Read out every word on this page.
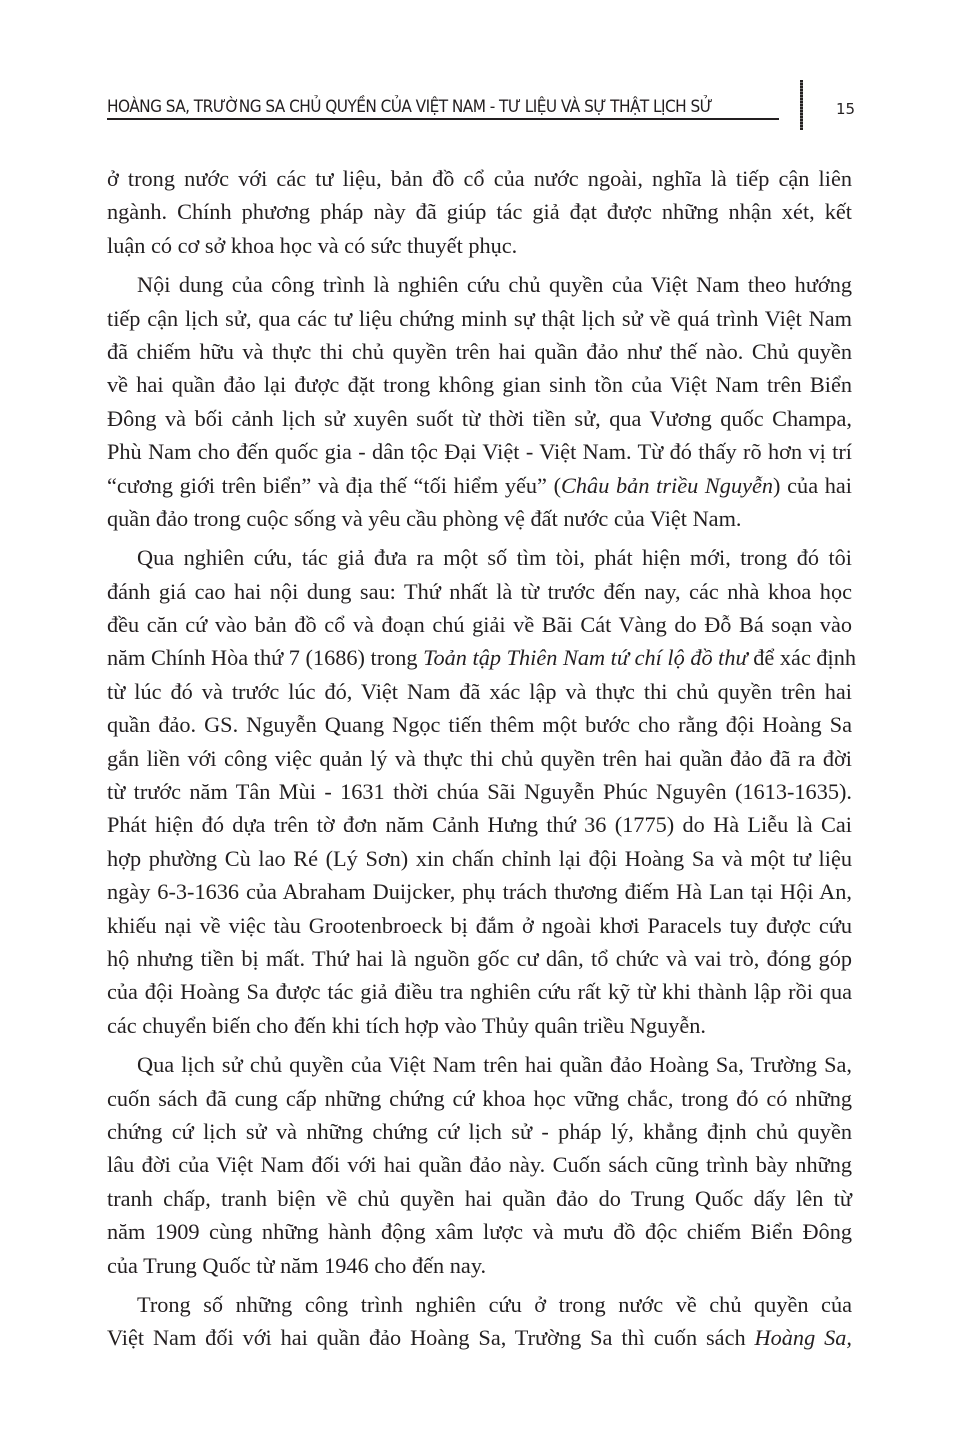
HOÀNG SA, TRƯỜNG SA CHỦ QUYỀN CỦA VIỆT NAM - TƯ LIỆU VÀ SỰ THẬT LỊCH SỬ	15
ở trong nước với các tư liệu, bản đồ cổ của nước ngoài, nghĩa là tiếp cận liên
ngành. Chính phương pháp này đã giúp tác giả đạt được những nhận xét, kết
luận có cơ sở khoa học và có sức thuyết phục.
Nội dung của công trình là nghiên cứu chủ quyền của Việt Nam theo hướng
tiếp cận lịch sử, qua các tư liệu chứng minh sự thật lịch sử về quá trình Việt Nam
đã chiếm hữu và thực thi chủ quyền trên hai quần đảo như thế nào. Chủ quyền
về hai quần đảo lại được đặt trong không gian sinh tồn của Việt Nam trên Biển
Đông và bối cảnh lịch sử xuyên suốt từ thời tiền sử, qua Vương quốc Champa,
Phù Nam cho đến quốc gia - dân tộc Đại Việt - Việt Nam. Từ đó thấy rõ hơn vị trí
“cương giới trên biển” và địa thế “tối hiểm yếu” (Châu bản triều Nguyễn) của hai
quần đảo trong cuộc sống và yêu cầu phòng vệ đất nước của Việt Nam.
Qua nghiên cứu, tác giả đưa ra một số tìm tòi, phát hiện mới, trong đó tôi
đánh giá cao hai nội dung sau: Thứ nhất là từ trước đến nay, các nhà khoa học
đều căn cứ vào bản đồ cổ và đoạn chú giải về Bãi Cát Vàng do Đỗ Bá soạn vào
năm Chính Hòa thứ 7 (1686) trong Toản tập Thiên Nam tứ chí lộ đồ thư để xác định
từ lúc đó và trước lúc đó, Việt Nam đã xác lập và thực thi chủ quyền trên hai
quần đảo. GS. Nguyễn Quang Ngọc tiến thêm một bước cho rằng đội Hoàng Sa
gắn liền với công việc quản lý và thực thi chủ quyền trên hai quần đảo đã ra đời
từ trước năm Tân Mùi - 1631 thời chúa Sãi Nguyễn Phúc Nguyên (1613-1635).
Phát hiện đó dựa trên tờ đơn năm Cảnh Hưng thứ 36 (1775) do Hà Liễu là Cai
hợp phường Cù lao Ré (Lý Sơn) xin chấn chỉnh lại đội Hoàng Sa và một tư liệu
ngày 6-3-1636 của Abraham Duijcker, phụ trách thương điếm Hà Lan tại Hội An,
khiếu nại về việc tàu Grootenbroeck bị đắm ở ngoài khơi Paracels tuy được cứu
hộ nhưng tiền bị mất. Thứ hai là nguồn gốc cư dân, tổ chức và vai trò, đóng góp
của đội Hoàng Sa được tác giả điều tra nghiên cứu rất kỹ từ khi thành lập rồi qua
các chuyển biến cho đến khi tích hợp vào Thủy quân triều Nguyễn.
Qua lịch sử chủ quyền của Việt Nam trên hai quần đảo Hoàng Sa, Trường Sa,
cuốn sách đã cung cấp những chứng cứ khoa học vững chắc, trong đó có những
chứng cứ lịch sử và những chứng cứ lịch sử - pháp lý, khẳng định chủ quyền
lâu đời của Việt Nam đối với hai quần đảo này. Cuốn sách cũng trình bày những
tranh chấp, tranh biện về chủ quyền hai quần đảo do Trung Quốc dấy lên từ
năm 1909 cùng những hành động xâm lược và mưu đồ độc chiếm Biển Đông
của Trung Quốc từ năm 1946 cho đến nay.
Trong số những công trình nghiên cứu ở trong nước về chủ quyền của
Việt Nam đối với hai quần đảo Hoàng Sa, Trường Sa thì cuốn sách Hoàng Sa,
